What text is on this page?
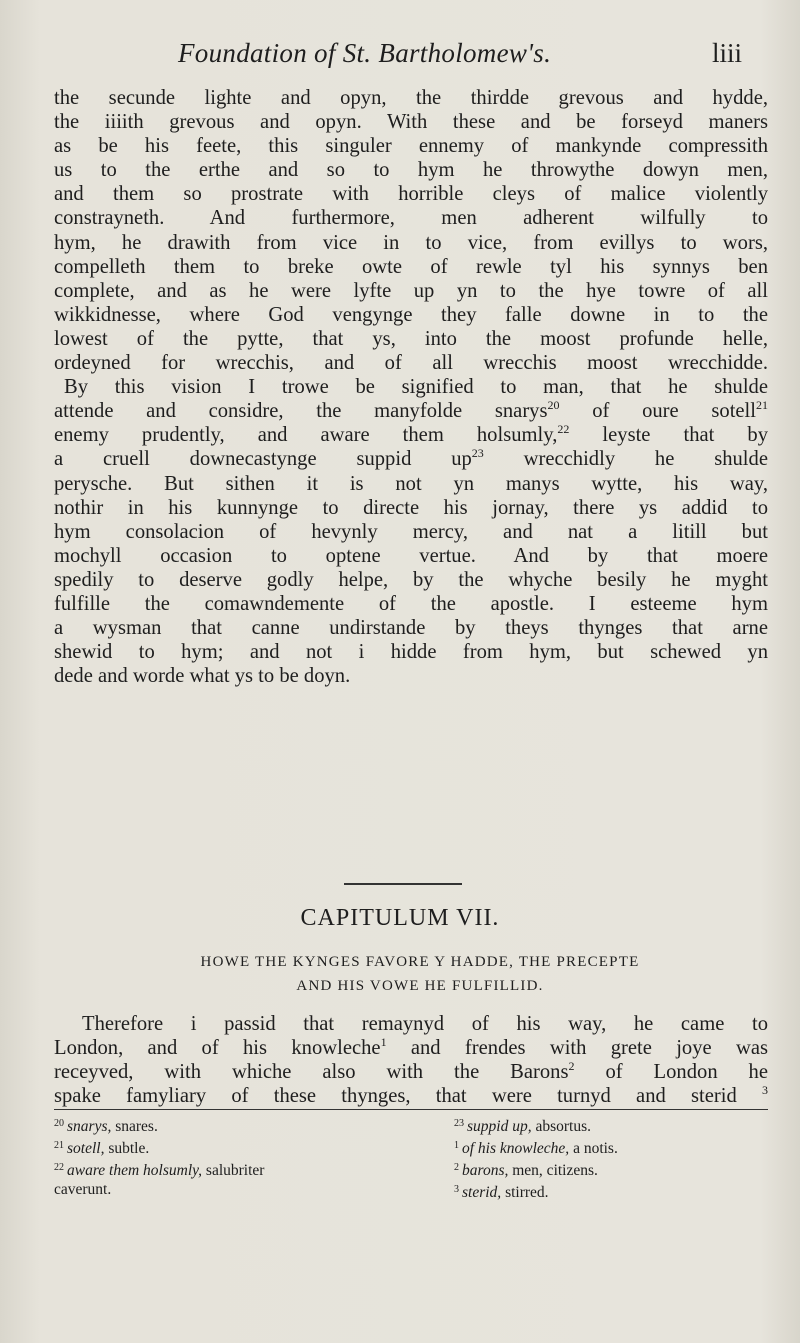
Foundation of St. Bartholomew's.	liii
the secunde lighte and opyn, the thirdde grevous and hydde,
the iiiith grevous and opyn. With these and be forseyd maners
as be his feete, this singuler ennemy of mankynde compressith
us to the erthe and so to hym he throwythe dowyn men,
and them so prostrate with horrible cleys of malice violently
constrayneth. And furthermore, men adherent wilfully to
hym, he drawith from vice in to vice, from evillys to wors,
compelleth them to breke owte of rewle tyl his synnys ben
complete, and as he were lyfte up yn to the hye towre of all
wikkidnesse, where God vengynge they falle downe in to the
lowest of the pytte, that ys, into the moost profunde helle,
ordeyned for wrecchis, and of all wrecchis moost wrecchidde.
By this vision I trowe be signified to man, that he shulde
attende and considre, the manyfolde snarys$^{20}$ of oure sotell$^{21}$
enemy prudently, and aware them holsumly,$^{22}$ leyste that by
a cruell downecastynge suppid $up^{23}$ wrecchidly he shulde
perysche. But sithen it is not yn manys wytte, his way,
nothir in his kunnynge to directe his jornay, there ys addid to
hym consolacion of hevynly mercy, and nat a litill but
mochyll occasion to optene vertue. And by that moere
spedily to deserve godly helpe, by the whyche besily he myght
fulfille the comawndemente of the apostle. I esteeme hym
a wysman that canne undirstande by theys thynges that arne
shewid to hym; and not i hidde from hym, but schewed yn
dede and worde what ys to be doyn.
CAPITULUM VII.
HOWE THE KYNGES FAVORE Y HADDE, THE PRECEPTE
AND HIS VOWE HE FULFILLID.
Therefore i passid that remaynyd of his way, he came to
London, and of his knowleche$^1$ and frendes with grete joye was
receyved, with whiche also with the Barons$^2$ of London he
spake famyliary of these thynges, that were turnyd and sterid $^3$
$^{20}$ snarys, snares.
$^{21}$ sotell, subtle.
$^{22}$ aware them holsumly, salubriter
caverunt.
$^{23}$ suppid up, absortus.
$^1$ of his knowleche, a notis.
$^2$ barons, men, citizens.
$^3$ sterid, stirred.
